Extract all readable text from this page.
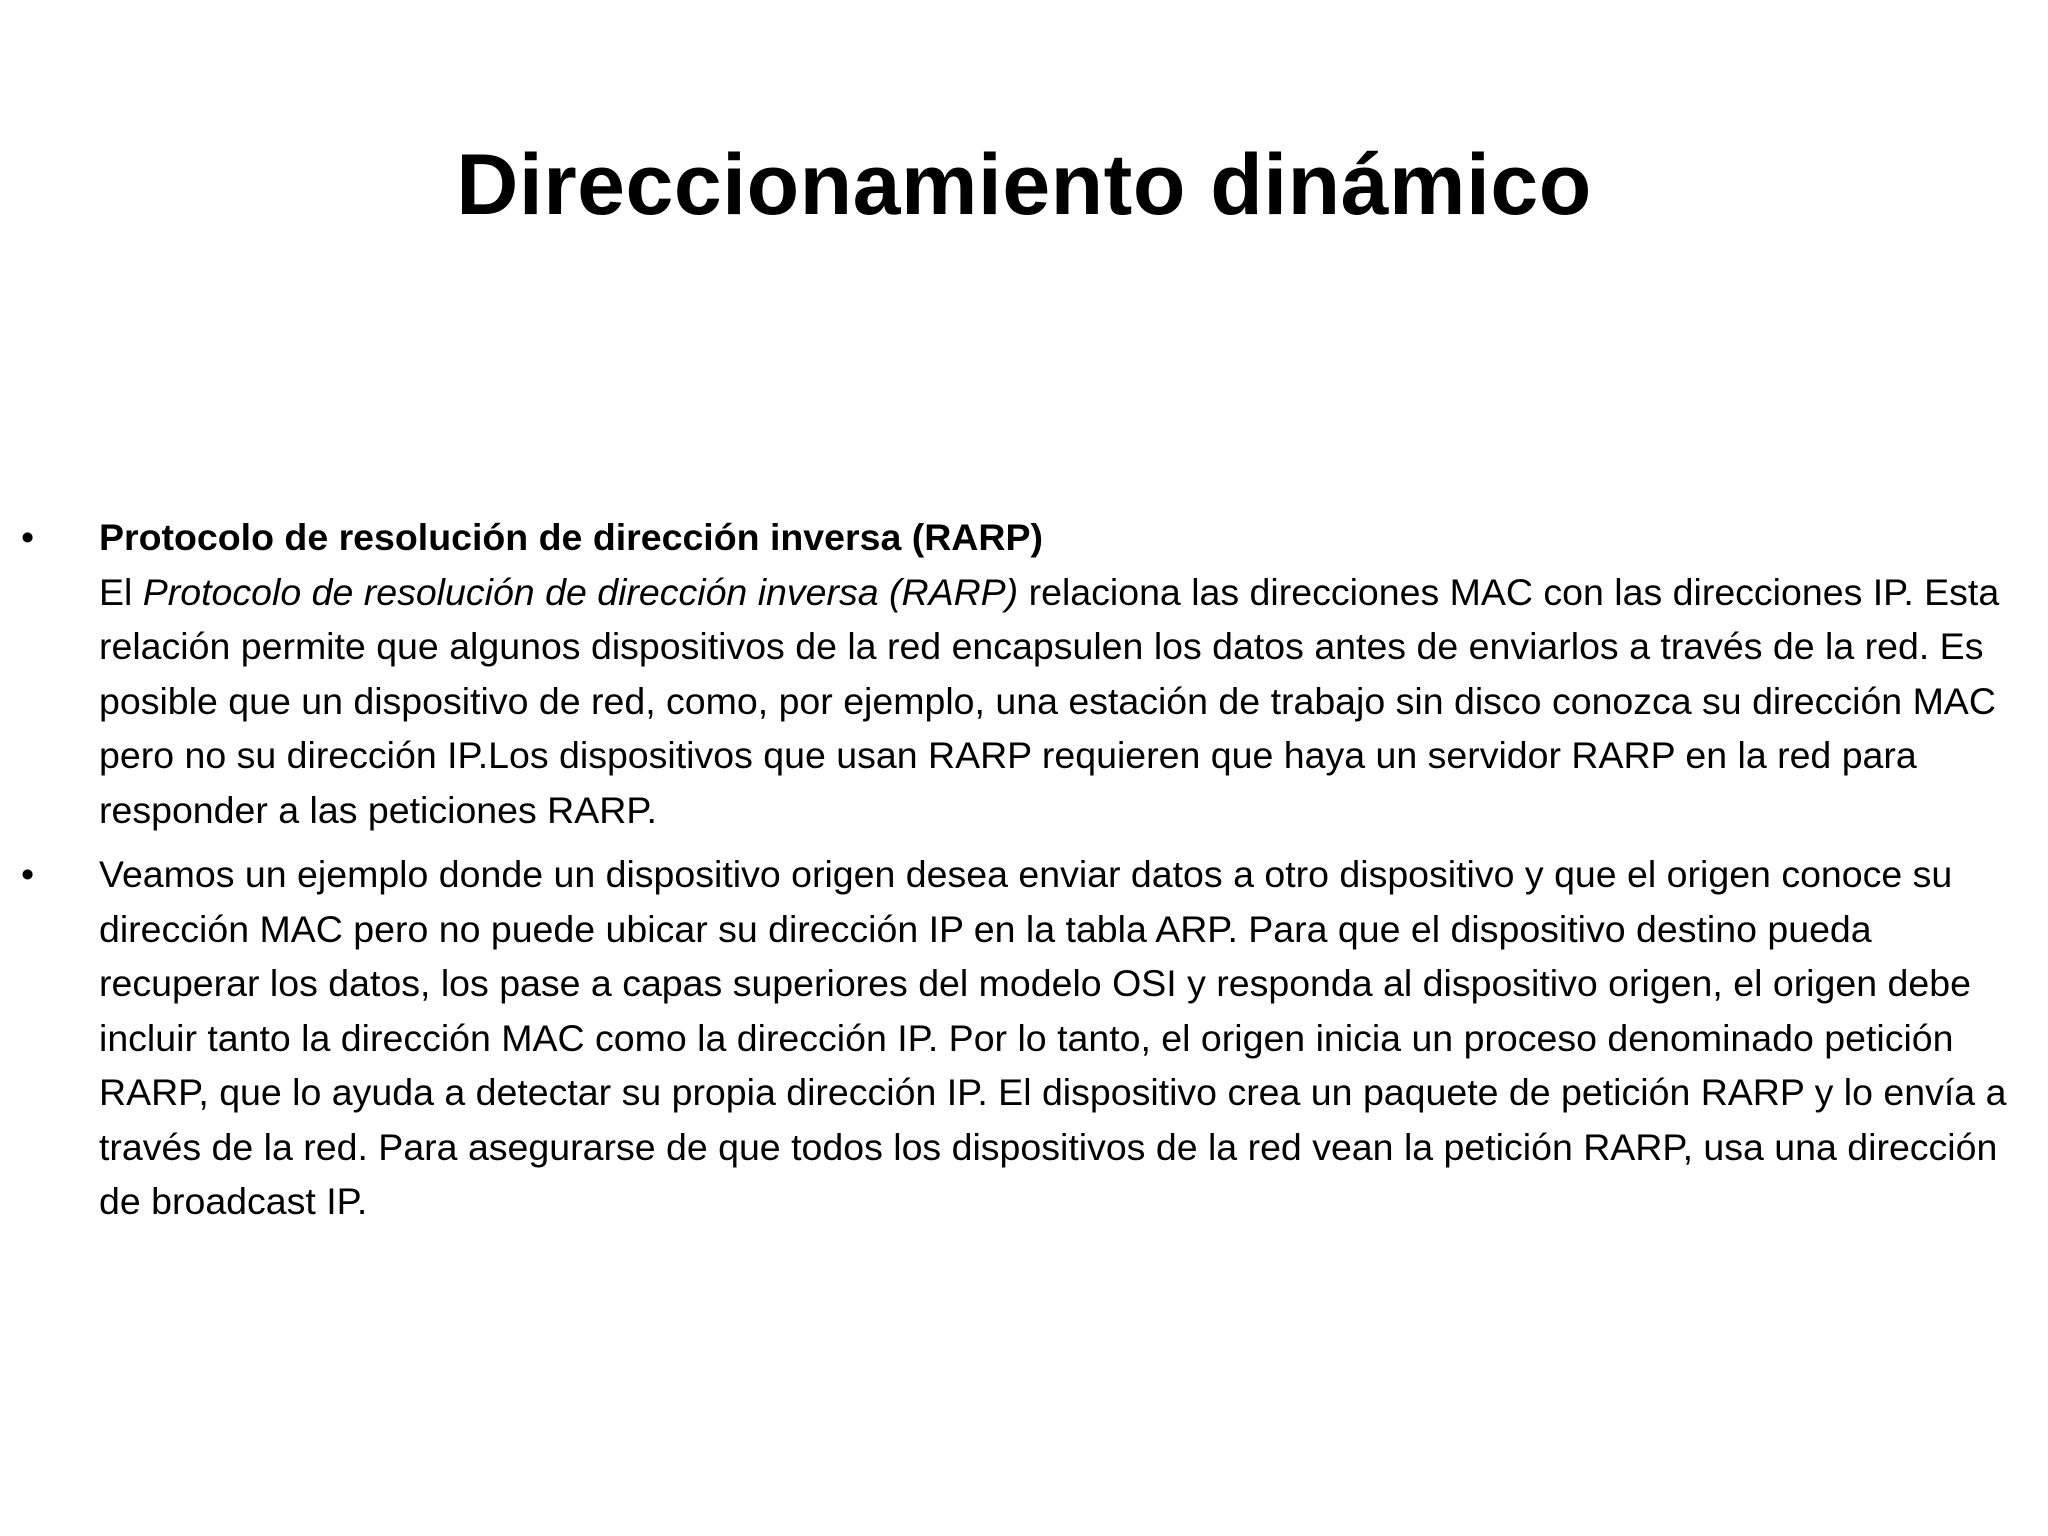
Direccionamiento dinámico
•	Protocolo de resolución de dirección inversa (RARP)
El Protocolo de resolución de dirección inversa (RARP) relaciona las direcciones MAC con las direcciones IP. Esta relación permite que algunos dispositivos de la red encapsulen los datos antes de enviarlos a través de la red. Es posible que un dispositivo de red, como, por ejemplo, una estación de trabajo sin disco conozca su dirección MAC pero no su dirección IP.Los dispositivos que usan RARP requieren que haya un servidor RARP en la red para responder a las peticiones RARP.
•	Veamos un ejemplo donde un dispositivo origen desea enviar datos a otro dispositivo y que el origen conoce su dirección MAC pero no puede ubicar su dirección IP en la tabla ARP. Para que el dispositivo destino pueda recuperar los datos, los pase a capas superiores del modelo OSI y responda al dispositivo origen, el origen debe incluir tanto la dirección MAC como la dirección IP. Por lo tanto, el origen inicia un proceso denominado petición RARP, que lo ayuda a detectar su propia dirección IP. El dispositivo crea un paquete de petición RARP y lo envía a través de la red. Para asegurarse de que todos los dispositivos de la red vean la petición RARP, usa una dirección de broadcast IP.
